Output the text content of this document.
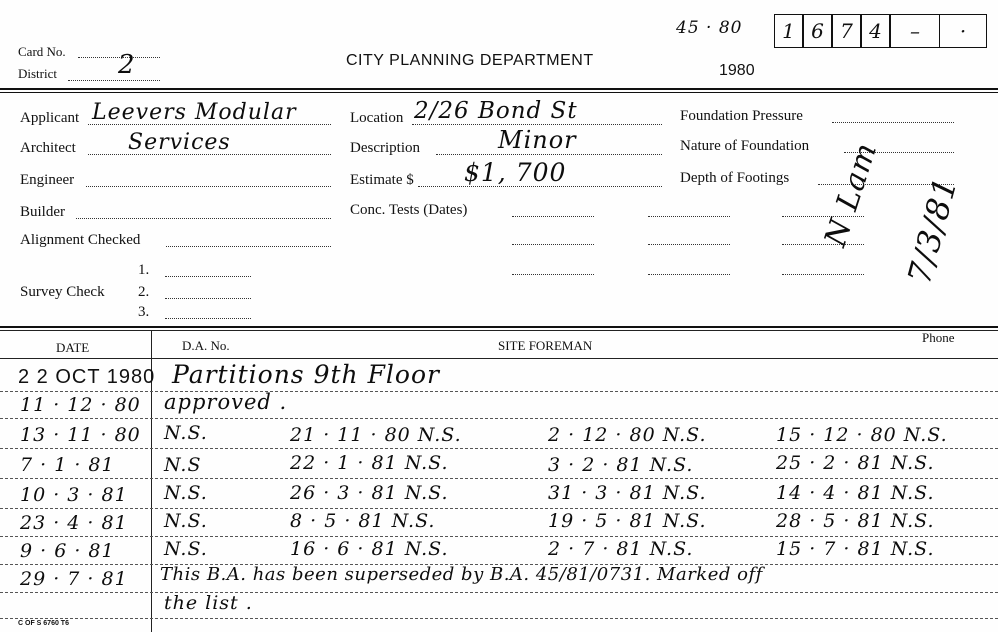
Card No.
District 2	CITY PLANNING DEPARTMENT
1980
45 · 80	1 6 7 4	–	·
Applicant Leevers Modular
Architect Services
Engineer
Builder
Alignment Checked
Survey Check
1.
2.
3.
Location 2/26 Bond St
Description	Minor
Estimate $ $1, 700
Conc. Tests (Dates)
Foundation Pressure
Nature of Foundation
Depth of Footings N Lam 7/3/81
DATE	D.A. No.	SITE FOREMAN
Phone
2 2 OCT 1980 Partitions 9th Floor
11 · 12 · 80 approved .
13 · 11 · 80 N.S.	21 · 11 · 80 N.S.	2 · 12 · 80 N.S.	15 · 12 · 80 N.S.
7 · 1 · 81	N.S	22 · 1 · 81 N.S.	3 · 2 · 81 N.S.	25 · 2 · 81 N.S.
10 · 3 · 81 N.S.	26 · 3 · 81 N.S.	31 · 3 · 81 N.S.	14 · 4 · 81 N.S.
23 · 4 · 81 N.S.	8 · 5 · 81 N.S.	19 · 5 · 81 N.S.	28 · 5 · 81 N.S.
9 · 6 · 81	N.S.	16 · 6 · 81 N.S.	2 · 7 · 81 N.S.	15 · 7 · 81 N.S.
29 · 7 · 81 This B.A. has been superseded by B.A. 45/81/0731. Marked off
the list .
C OF S 6760 T6
